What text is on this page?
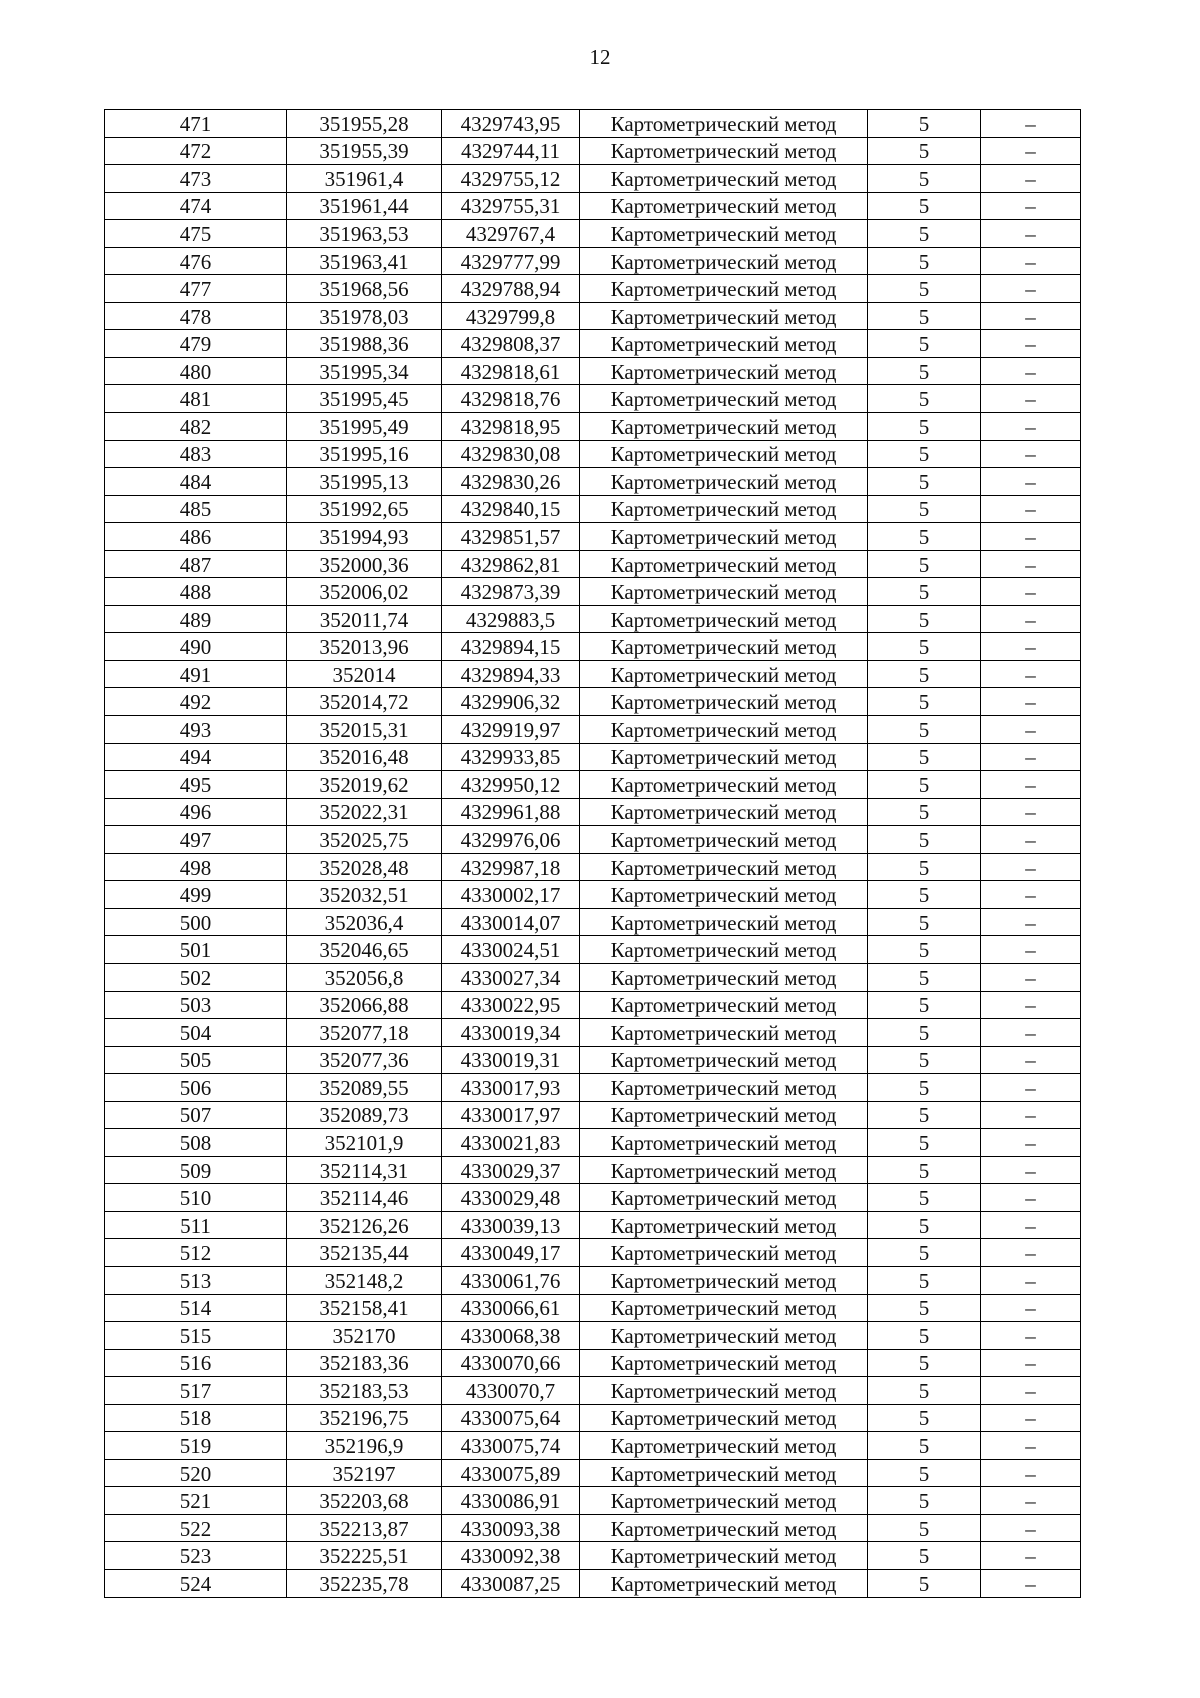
12
471	351955,28	4329743,95	Картометрический метод	5	–
472	351955,39	4329744,11	Картометрический метод	5	–
473	351961,4	4329755,12	Картометрический метод	5	–
474	351961,44	4329755,31	Картометрический метод	5	–
475	351963,53	4329767,4	Картометрический метод	5	–
476	351963,41	4329777,99	Картометрический метод	5	–
477	351968,56	4329788,94	Картометрический метод	5	–
478	351978,03	4329799,8	Картометрический метод	5	–
479	351988,36	4329808,37	Картометрический метод	5	–
480	351995,34	4329818,61	Картометрический метод	5	–
481	351995,45	4329818,76	Картометрический метод	5	–
482	351995,49	4329818,95	Картометрический метод	5	–
483	351995,16	4329830,08	Картометрический метод	5	–
484	351995,13	4329830,26	Картометрический метод	5	–
485	351992,65	4329840,15	Картометрический метод	5	–
486	351994,93	4329851,57	Картометрический метод	5	–
487	352000,36	4329862,81	Картометрический метод	5	–
488	352006,02	4329873,39	Картометрический метод	5	–
489	352011,74	4329883,5	Картометрический метод	5	–
490	352013,96	4329894,15	Картометрический метод	5	–
491	352014	4329894,33	Картометрический метод	5	–
492	352014,72	4329906,32	Картометрический метод	5	–
493	352015,31	4329919,97	Картометрический метод	5	–
494	352016,48	4329933,85	Картометрический метод	5	–
495	352019,62	4329950,12	Картометрический метод	5	–
496	352022,31	4329961,88	Картометрический метод	5	–
497	352025,75	4329976,06	Картометрический метод	5	–
498	352028,48	4329987,18	Картометрический метод	5	–
499	352032,51	4330002,17	Картометрический метод	5	–
500	352036,4	4330014,07	Картометрический метод	5	–
501	352046,65	4330024,51	Картометрический метод	5	–
502	352056,8	4330027,34	Картометрический метод	5	–
503	352066,88	4330022,95	Картометрический метод	5	–
504	352077,18	4330019,34	Картометрический метод	5	–
505	352077,36	4330019,31	Картометрический метод	5	–
506	352089,55	4330017,93	Картометрический метод	5	–
507	352089,73	4330017,97	Картометрический метод	5	–
508	352101,9	4330021,83	Картометрический метод	5	–
509	352114,31	4330029,37	Картометрический метод	5	–
510	352114,46	4330029,48	Картометрический метод	5	–
511	352126,26	4330039,13	Картометрический метод	5	–
512	352135,44	4330049,17	Картометрический метод	5	–
513	352148,2	4330061,76	Картометрический метод	5	–
514	352158,41	4330066,61	Картометрический метод	5	–
515	352170	4330068,38	Картометрический метод	5	–
516	352183,36	4330070,66	Картометрический метод	5	–
517	352183,53	4330070,7	Картометрический метод	5	–
518	352196,75	4330075,64	Картометрический метод	5	–
519	352196,9	4330075,74	Картометрический метод	5	–
520	352197	4330075,89	Картометрический метод	5	–
521	352203,68	4330086,91	Картометрический метод	5	–
522	352213,87	4330093,38	Картометрический метод	5	–
523	352225,51	4330092,38	Картометрический метод	5	–
524	352235,78	4330087,25	Картометрический метод	5	–
